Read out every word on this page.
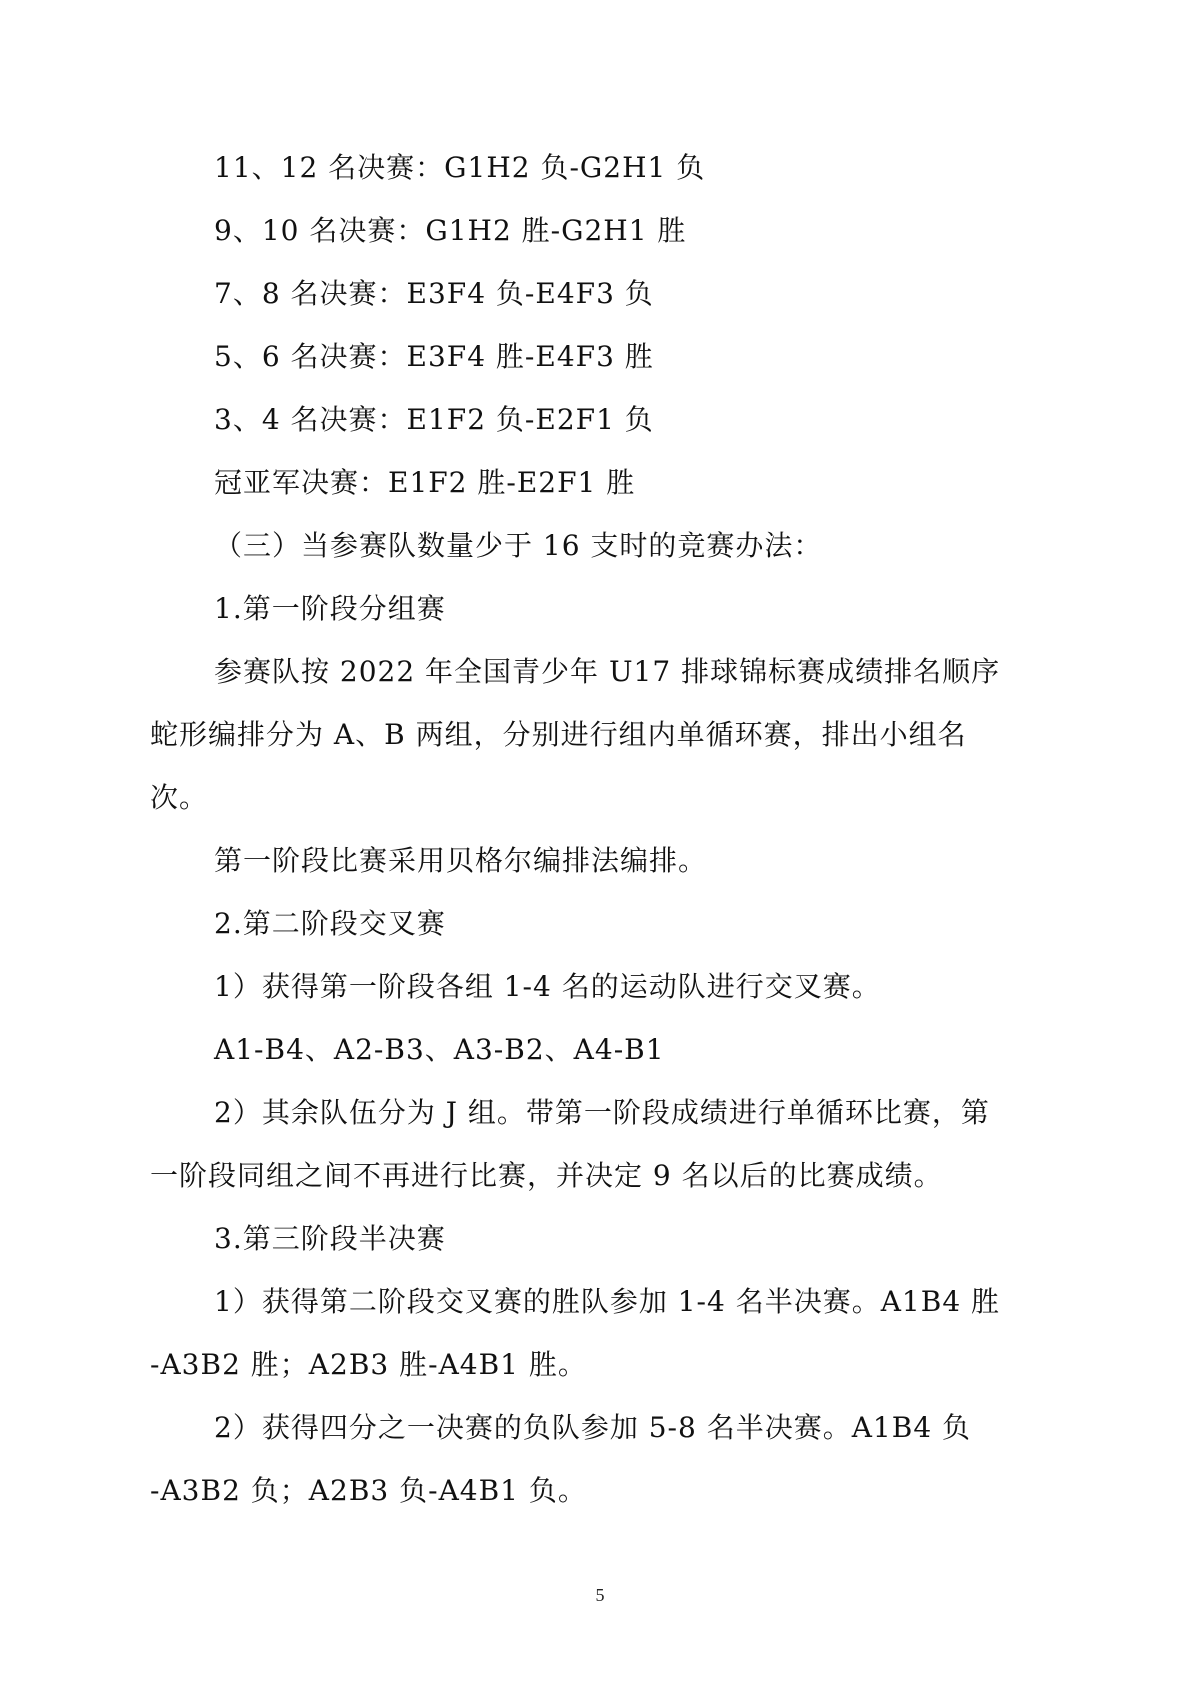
11、12 名决赛：G1H2 负-G2H1 负
9、10 名决赛：G1H2 胜-G2H1 胜
7、8 名决赛：E3F4 负-E4F3 负
5、6 名决赛：E3F4 胜-E4F3 胜
3、4 名决赛：E1F2 负-E2F1 负
冠亚军决赛：E1F2 胜-E2F1 胜
（三）当参赛队数量少于 16 支时的竞赛办法：
1.第一阶段分组赛
参赛队按 2022 年全国青少年 U17 排球锦标赛成绩排名顺序
蛇形编排分为 A、B 两组，分别进行组内单循环赛，排出小组名
次。
第一阶段比赛采用贝格尔编排法编排。
2.第二阶段交叉赛
1）获得第一阶段各组 1-4 名的运动队进行交叉赛。
A1-B4、A2-B3、A3-B2、A4-B1
2）其余队伍分为 J 组。带第一阶段成绩进行单循环比赛，第
一阶段同组之间不再进行比赛，并决定 9 名以后的比赛成绩。
3.第三阶段半决赛
1）获得第二阶段交叉赛的胜队参加 1-4 名半决赛。A1B4 胜
-A3B2 胜；A2B3 胜-A4B1 胜。
2）获得四分之一决赛的负队参加 5-8 名半决赛。A1B4 负
-A3B2 负；A2B3 负-A4B1 负。
5
